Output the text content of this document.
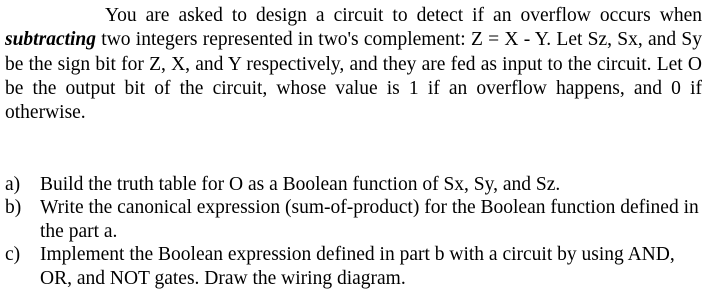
You are asked to design a circuit to detect if an overflow occurs when subtracting two integers represented in two's complement: Z = X - Y. Let Sz, Sx, and Sy be the sign bit for Z, X, and Y respectively, and they are fed as input to the circuit. Let O be the output bit of the circuit, whose value is 1 if an overflow happens, and 0 if otherwise.

a) Build the truth table for O as a Boolean function of Sx, Sy, and Sz.
b) Write the canonical expression (sum-of-product) for the Boolean function defined in the part a.
c) Implement the Boolean expression defined in part b with a circuit by using AND, OR, and NOT gates. Draw the wiring diagram.
